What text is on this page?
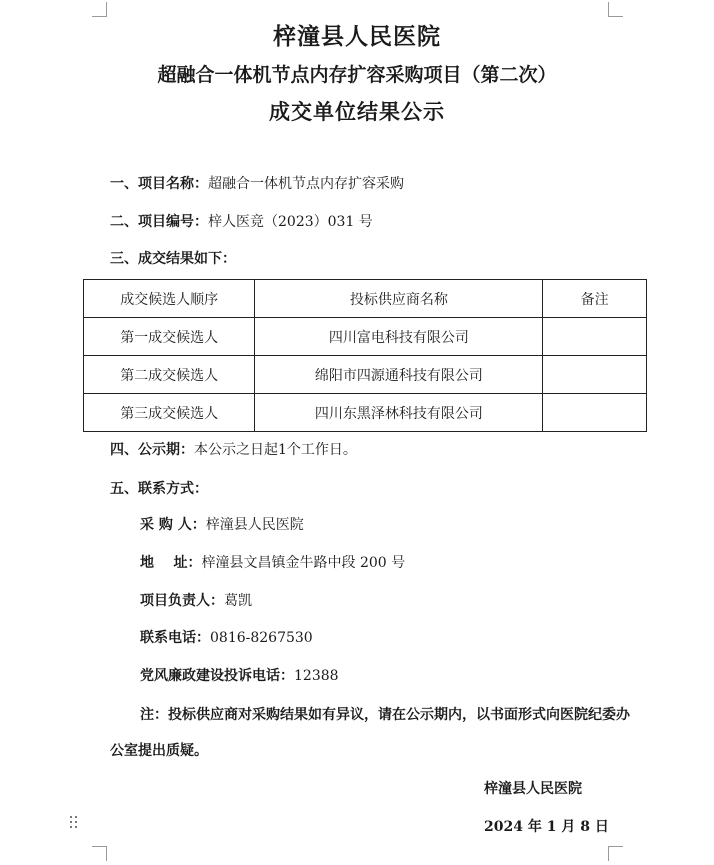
梓潼县人民医院
超融合一体机节点内存扩容采购项目（第二次）
成交单位结果公示
一、项目名称：超融合一体机节点内存扩容采购
二、项目编号：梓人医竞（2023）031 号
三、成交结果如下：
成交候选人顺序	投标供应商名称	备注
第一成交候选人	四川富电科技有限公司	
第二成交候选人	绵阳市四源通科技有限公司	
第三成交候选人	四川东黑泽林科技有限公司	
四、公示期：本公示之日起1个工作日。
五、联系方式：
采 购 人：梓潼县人民医院
地    址：梓潼县文昌镇金牛路中段 200 号
项目负责人：葛凯
联系电话：0816-8267530
党风廉政建设投诉电话：12388
注：投标供应商对采购结果如有异议，请在公示期内，以书面形式向医院纪委办公室提出质疑。
梓潼县人民医院
2024 年 1 月 8 日
